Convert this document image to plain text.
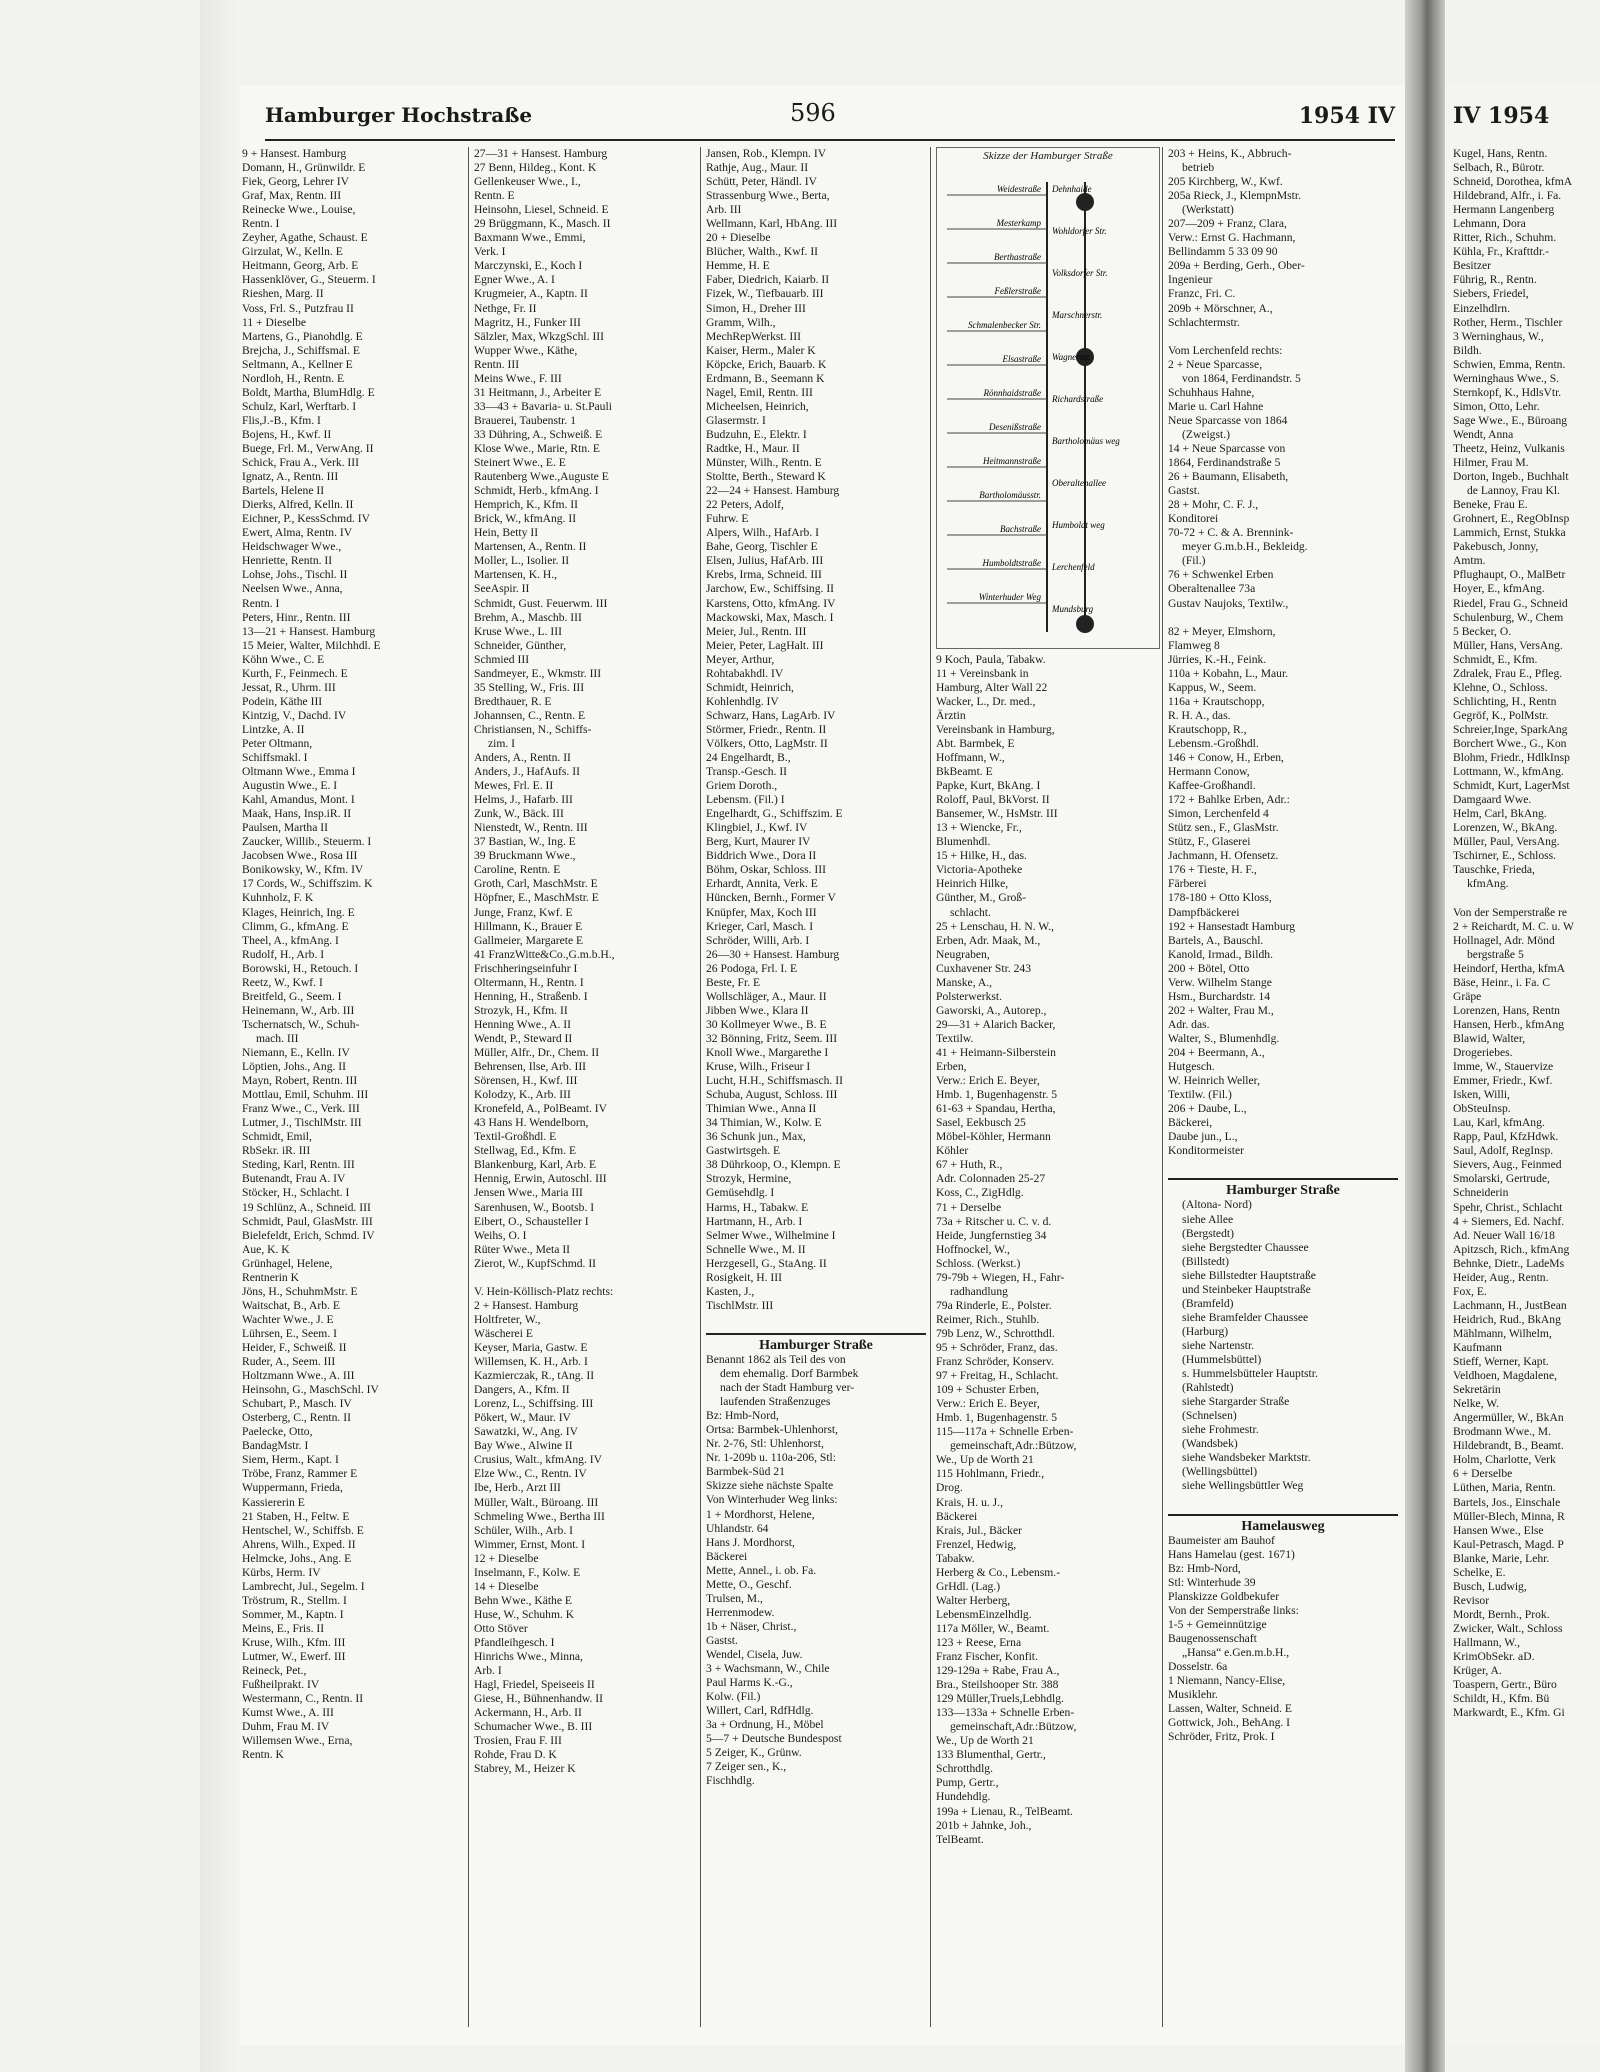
Hamburger Hochstraße	596	1954 IV
9 + Hansest. Hamburg
Domann, H., Grünwildr. E
Fiek, Georg, Lehrer IV
Graf, Max, Rentn. III
Reinecke Wwe., Louise,
Rentn. I
Zeyher, Agathe, Schaust. E
Girzulat, W., Kelln. E
Heitmann, Georg, Arb. E
Hassenklöver, G., Steuerm. I
Rieshen, Marg. II
Voss, Frl. S., Putzfrau II
11 + Dieselbe
Martens, G., Pianohdlg. E
Brejcha, J., Schiffsmal. E
Seltmann, A., Kellner E
Nordloh, H., Rentn. E
Boldt, Martha, BlumHdlg. E
Schulz, Karl, Werftarb. I
Flis,J.-B., Kfm. I
Bojens, H., Kwf. II
Buege, Frl. M., VerwAng. II
Schick, Frau A., Verk. III
Ignatz, A., Rentn. III
Bartels, Helene II
Dierks, Alfred, Kelln. II
Eichner, P., KessSchmd. IV
Ewert, Alma, Rentn. IV
Heidschwager Wwe.,
Henriette, Rentn. II
Lohse, Johs., Tischl. II
Neelsen Wwe., Anna,
Rentn. I
Peters, Hinr., Rentn. III
13—21 + Hansest. Hamburg
15 Meier, Walter, Milchhdl. E
Köhn Wwe., C. E
Kurth, F., Feinmech. E
Jessat, R., Uhrm. III
Podein, Käthe III
Kintzig, V., Dachd. IV
Lintzke, A. II
Peter Oltmann,
Schiffsmakl. I
Oltmann Wwe., Emma I
Augustin Wwe., E. I
Kahl, Amandus, Mont. I
Maak, Hans, Insp.iR. II
Paulsen, Martha II
Zaucker, Willib., Steuerm. I
Jacobsen Wwe., Rosa III
Bonikowsky, W., Kfm. IV
17 Cords, W., Schiffszim. K
Kuhnholz, F. K
Klages, Heinrich, Ing. E
Climm, G., kfmAng. E
Theel, A., kfmAng. I
Rudolf, H., Arb. I
Borowski, H., Retouch. I
Reetz, W., Kwf. I
Breitfeld, G., Seem. I
Heinemann, W., Arb. III
Tschernatsch, W., Schuh-
mach. III
Niemann, E., Kelln. IV
Löptien, Johs., Ang. II
Mayn, Robert, Rentn. III
Mottlau, Emil, Schuhm. III
Franz Wwe., C., Verk. III
Lutmer, J., TischlMstr. III
Schmidt, Emil,
RbSekr. iR. III
Steding, Karl, Rentn. III
Butenandt, Frau A. IV
Stöcker, H., Schlacht. I
19 Schlünz, A., Schneid. III
Schmidt, Paul, GlasMstr. III
Bielefeldt, Erich, Schmd. IV
Aue, K. K
Grünhagel, Helene,
Rentnerin K
Jöns, H., SchuhmMstr. E
Waitschat, B., Arb. E
Wachter Wwe., J. E
Lührsen, E., Seem. I
Heider, F., Schweiß. II
Ruder, A., Seem. III
Holtzmann Wwe., A. III
Heinsohn, G., MaschSchl. IV
Schubart, P., Masch. IV
Osterberg, C., Rentn. II
Paelecke, Otto,
BandagMstr. I
Siem, Herm., Kapt. I
Tröbe, Franz, Rammer E
Wuppermann, Frieda,
Kassiererin E
21 Staben, H., Feltw. E
Hentschel, W., Schiffsb. E
Ahrens, Wilh., Exped. II
Helmcke, Johs., Ang. E
Kürbs, Herm. IV
Lambrecht, Jul., Segelm. I
Tröstrum, R., Stellm. I
Sommer, M., Kaptn. I
Meins, E., Fris. II
Kruse, Wilh., Kfm. III
Lutmer, W., Ewerf. III
Reineck, Pet.,
Fußheilprakt. IV
Westermann, C., Rentn. II
Kumst Wwe., A. III
Duhm, Frau M. IV
Willemsen Wwe., Erna,
Rentn. K
27—31 + Hansest. Hamburg
27 Benn, Hildeg., Kont. K
Gellenkeuser Wwe., I.,
Rentn. E
Heinsohn, Liesel, Schneid. E
29 Brüggmann, K., Masch. II
Baxmann Wwe., Emmi,
Verk. I
Marczynski, E., Koch I
Egner Wwe., A. I
Krugmeier, A., Kaptn. II
Nethge, Fr. II
Magritz, H., Funker III
Sälzler, Max, WkzgSchl. III
Wupper Wwe., Käthe,
Rentn. III
Meins Wwe., F. III
31 Heitmann, J., Arbeiter E
33—43 + Bavaria- u. St.Pauli
Brauerei, Taubenstr. 1
33 Dühring, A., Schweiß. E
Klose Wwe., Marie, Rtn. E
Steinert Wwe., E. E
Rautenberg Wwe.,Auguste E
Schmidt, Herb., kfmAng. I
Hemprich, K., Kfm. II
Brick, W., kfmAng. II
Hein, Betty II
Martensen, A., Rentn. II
Moller, L., Isolier. II
Martensen, K. H.,
SeeAspir. II
Schmidt, Gust. Feuerwm. III
Brehm, A., Maschb. III
Kruse Wwe., L. III
Schneider, Günther,
Schmied III
Sandmeyer, E., Wkmstr. III
35 Stelling, W., Fris. III
Bredthauer, R. E
Johannsen, C., Rentn. E
Christiansen, N., Schiffs-
zim. I
Anders, A., Rentn. II
Anders, J., HafAufs. II
Mewes, Frl. E. II
Helms, J., Hafarb. III
Zunk, W., Bäck. III
Nienstedt, W., Rentn. III
37 Bastian, W., Ing. E
39 Bruckmann Wwe.,
Caroline, Rentn. E
Groth, Carl, MaschMstr. E
Höpfner, E., MaschMstr. E
Junge, Franz, Kwf. E
Hillmann, K., Brauer E
Gallmeier, Margarete E
41 FranzWitte&Co.,G.m.b.H.,
Frischheringseinfuhr I
Oltermann, H., Rentn. I
Henning, H., Straßenb. I
Strozyk, H., Kfm. II
Henning Wwe., A. II
Wendt, P., Steward II
Müller, Alfr., Dr., Chem. II
Behrensen, Ilse, Arb. III
Sörensen, H., Kwf. III
Kolodzy, K., Arb. III
Kronefeld, A., PolBeamt. IV
43 Hans H. Wendelborn,
Textil-Großhdl. E
Stellwag, Ed., Kfm. E
Blankenburg, Karl, Arb. E
Hennig, Erwin, Autoschl. III
Jensen Wwe., Maria III
Sarenhusen, W., Bootsb. I
Eibert, O., Schausteller I
Weihs, O. I
Rüter Wwe., Meta II
Zierot, W., KupfSchmd. II
V. Hein-Köllisch-Platz rechts:
2 + Hansest. Hamburg
Holtfreter, W.,
Wäscherei E
Keyser, Maria, Gastw. E
Willemsen, K. H., Arb. I
Kazmierczak, R., tAng. II
Dangers, A., Kfm. II
Lorenz, L., Schiffsing. III
Pökert, W., Maur. IV
Sawatzki, W., Ang. IV
Bay Wwe., Alwine II
Crusius, Walt., kfmAng. IV
Elze Ww., C., Rentn. IV
Ibe, Herb., Arzt III
Müller, Walt., Büroang. III
Schmeling Wwe., Bertha III
Schüler, Wilh., Arb. I
Wimmer, Ernst, Mont. I
12 + Dieselbe
Inselmann, F., Kolw. E
14 + Dieselbe
Behn Wwe., Käthe E
Huse, W., Schuhm. K
Otto Stöver
Pfandleihgesch. I
Hinrichs Wwe., Minna,
Arb. I
Hagl, Friedel, Speiseeis II
Giese, H., Bühnenhandw. II
Ackermann, H., Arb. II
Schumacher Wwe., B. III
Trosien, Frau F. III
Rohde, Frau D. K
Stabrey, M., Heizer K
Jansen, Rob., Klempn. IV
Rathje, Aug., Maur. II
Schütt, Peter, Händl. IV
Strassenburg Wwe., Berta,
Arb. III
Wellmann, Karl, HbAng. III
20 + Dieselbe
Blücher, Walth., Kwf. II
Hemme, H. E
Faber, Diedrich, Kaiarb. II
Fizek, W., Tiefbauarb. III
Simon, H., Dreher III
Gramm, Wilh.,
MechRepWerkst. III
Kaiser, Herm., Maler K
Köpcke, Erich, Bauarb. K
Erdmann, B., Seemann K
Nagel, Emil, Rentn. III
Micheelsen, Heinrich,
Glasermstr. I
Budzuhn, E., Elektr. I
Radtke, H., Maur. II
Münster, Wilh., Rentn. E
Stoltte, Berth., Steward K
22—24 + Hansest. Hamburg
22 Peters, Adolf,
Fuhrw. E
Alpers, Wilh., HafArb. I
Bahe, Georg, Tischler E
Elsen, Julius, HafArb. III
Krebs, Irma, Schneid. III
Jarchow, Ew., Schiffsing. II
Karstens, Otto, kfmAng. IV
Mackowski, Max, Masch. I
Meier, Jul., Rentn. III
Meier, Peter, LagHalt. III
Meyer, Arthur,
Rohtabakhdl. IV
Schmidt, Heinrich,
Kohlenhdlg. IV
Schwarz, Hans, LagArb. IV
Störmer, Friedr., Rentn. II
Völkers, Otto, LagMstr. II
24 Engelhardt, B.,
Transp.-Gesch. II
Griem Doroth.,
Lebensm. (Fil.) I
Engelhardt, G., Schiffszim. E
Klingbiel, J., Kwf. IV
Berg, Kurt, Maurer IV
Biddrich Wwe., Dora II
Böhm, Oskar, Schloss. III
Erhardt, Annita, Verk. E
Hüncken, Bernh., Former V
Knüpfer, Max, Koch III
Krieger, Carl, Masch. I
Schröder, Willi, Arb. I
26—30 + Hansest. Hamburg
26 Podoga, Frl. I. E
Beste, Fr. E
Wollschläger, A., Maur. II
Jibben Wwe., Klara II
30 Kollmeyer Wwe., B. E
32 Bönning, Fritz, Seem. III
Knoll Wwe., Margarethe I
Kruse, Wilh., Friseur I
Lucht, H.H., Schiffsmasch. II
Schuba, August, Schloss. III
Thimian Wwe., Anna II
34 Thimian, W., Kolw. E
36 Schunk jun., Max,
Gastwirtsgeh. E
38 Dührkoop, O., Klempn. E
Strozyk, Hermine,
Gemüsehdlg. I
Harms, H., Tabakw. E
Hartmann, H., Arb. I
Selmer Wwe., Wilhelmine I
Schnelle Wwe., M. II
Herzgesell, G., StaAng. II
Rosigkeit, H. III
Kasten, J.,
TischlMstr. III
Hamburger Straße
Benannt 1862 als Teil des von
dem ehemalig. Dorf Barmbek
nach der Stadt Hamburg ver-
laufenden Straßenzuges
Bz: Hmb-Nord,
Ortsa: Barmbek-Uhlenhorst,
Nr. 2-76, Stl: Uhlenhorst,
Nr. 1-209b u. 110a-206, Stl:
Barmbek-Süd 21
Skizze siehe nächste Spalte
Von Winterhuder Weg links:
1 + Mordhorst, Helene,
Uhlandstr. 64
Hans J. Mordhorst,
Bäckerei
Mette, Annel., i. ob. Fa.
Mette, O., Geschf.
Trulsen, M.,
Herrenmodew.
1b + Näser, Christ.,
Gastst.
Wendel, Cisela, Juw.
3 + Wachsmann, W., Chile
Paul Harms K.-G.,
Kolw. (Fil.)
Willert, Carl, RdfHdlg.
3a + Ordnung, H., Möbel
5—7 + Deutsche Bundespost
5 Zeiger, K., Grünw.
7 Zeiger sen., K.,
Fischhdlg.
9 Koch, Paula, Tabakw.
11 + Vereinsbank in
Hamburg, Alter Wall 22
Wacker, L., Dr. med.,
Ärztin
Vereinsbank in Hamburg,
Abt. Barmbek, E
Hoffmann, W.,
BkBeamt. E
Papke, Kurt, BkAng. I
Roloff, Paul, BkVorst. II
Bansemer, W., HsMstr. III
13 + Wiencke, Fr.,
Blumenhdl.
15 + Hilke, H., das.
Victoria-Apotheke
Heinrich Hilke,
Günther, M., Groß-
schlacht.
25 + Lenschau, H. N. W.,
Erben, Adr. Maak, M.,
Neugraben,
Cuxhavener Str. 243
Manske, A.,
Polsterwerkst.
Gaworski, A., Autorep.,
29—31 + Alarich Backer,
Textilw.
41 + Heimann-Silberstein
Erben,
Verw.: Erich E. Beyer,
Hmb. 1, Bugenhagenstr. 5
61-63 + Spandau, Hertha,
Sasel, Eekbusch 25
Möbel-Köhler, Hermann
Köhler
67 + Huth, R.,
Adr. Colonnaden 25-27
Koss, C., ZigHdlg.
71 + Derselbe
73a + Ritscher u. C. v. d.
Heide, Jungfernstieg 34
Hoffnockel, W.,
Schloss. (Werkst.)
79-79b + Wiegen, H., Fahr-
radhandlung
79a Rinderle, E., Polster.
Reimer, Rich., Stuhlb.
79b Lenz, W., Schrotthdl.
95 + Schröder, Franz, das.
Franz Schröder, Konserv.
97 + Freitag, H., Schlacht.
109 + Schuster Erben,
Verw.: Erich E. Beyer,
Hmb. 1, Bugenhagenstr. 5
115—117a + Schnelle Erben-
gemeinschaft,Adr.:Bützow,
We., Up de Worth 21
115 Hohlmann, Friedr.,
Drog.
Krais, H. u. J.,
Bäckerei
Krais, Jul., Bäcker
Frenzel, Hedwig,
Tabakw.
Herberg & Co., Lebensm.-
GrHdl. (Lag.)
Walter Herberg,
LebensmEinzelhdlg.
117a Möller, W., Beamt.
123 + Reese, Erna
Franz Fischer, Konfit.
129-129a + Rabe, Frau A.,
Bra., Steilshooper Str. 388
129 Müller,Truels,Lebhdlg.
133—133a + Schnelle Erben-
gemeinschaft,Adr.:Bützow,
We., Up de Worth 21
133 Blumenthal, Gertr.,
Schrotthdlg.
Pump, Gertr.,
Hundehdlg.
199a + Lienau, R., TelBeamt.
201b + Jahnke, Joh.,
TelBeamt.
203 + Heins, K., Abbruch-
betrieb
205 Kirchberg, W., Kwf.
205a Rieck, J., KlempnMstr.
(Werkstatt)
207—209 + Franz, Clara,
Verw.: Ernst G. Hachmann,
Bellindamm 5 33 09 90
209a + Berding, Gerh., Ober-
Ingenieur
Franzc, Fri. C.
209b + Mörschner, A.,
Schlachtermstr.
Vom Lerchenfeld rechts:
2 + Neue Sparcasse,
von 1864, Ferdinandstr. 5
Schuhhaus Hahne,
Marie u. Carl Hahne
Neue Sparcasse von 1864
(Zweigst.)
14 + Neue Sparcasse von
1864, Ferdinandstraße 5
26 + Baumann, Elisabeth,
Gastst.
28 + Mohr, C. F. J.,
Konditorei
70-72 + C. & A. Brennink-
meyer G.m.b.H., Bekleidg.
(Fil.)
76 + Schwenkel Erben
Oberaltenallee 73a
Gustav Naujoks, Textilw.,
82 + Meyer, Elmshorn,
Flamweg 8
Jürries, K.-H., Feink.
110a + Kobahn, L., Maur.
Kappus, W., Seem.
116a + Krautschopp,
R. H. A., das.
Krautschopp, R.,
Lebensm.-Großhdl.
146 + Conow, H., Erben,
Hermann Conow,
Kaffee-Großhandl.
172 + Bahlke Erben, Adr.:
Simon, Lerchenfeld 4
Stütz sen., F., GlasMstr.
Stütz, F., Glaserei
Jachmann, H. Ofensetz.
176 + Tieste, H. F.,
Färberei
178-180 + Otto Kloss,
Dampfbäckerei
192 + Hansestadt Hamburg
Bartels, A., Bauschl.
Kanold, Irmad., Bildh.
200 + Bötel, Otto
Verw. Wilhelm Stange
Hsm., Burchardstr. 14
202 + Walter, Frau M.,
Adr. das.
Walter, S., Blumenhdlg.
204 + Beermann, A.,
Hutgesch.
W. Heinrich Weller,
Textilw. (Fil.)
206 + Daube, L.,
Bäckerei,
Daube jun., L.,
Konditormeister
Hamburger Straße
(Altona- Nord)
siehe Allee
(Bergstedt)
siehe Bergstedter Chaussee
(Billstedt)
siehe Billstedter Hauptstraße
und Steinbeker Hauptstraße
(Bramfeld)
siehe Bramfelder Chaussee
(Harburg)
siehe Nartenstr.
(Hummelsbüttel)
s. Hummelsbütteler Hauptstr.
(Rahlstedt)
siehe Stargarder Straße
(Schnelsen)
siehe Frohmestr.
(Wandsbek)
siehe Wandsbeker Marktstr.
(Wellingsbüttel)
siehe Wellingsbüttler Weg
Hamelausweg
Baumeister am Bauhof
Hans Hamelau (gest. 1671)
Bz: Hmb-Nord,
Stl: Winterhude 39
Planskizze Goldbekufer
Von der Semperstraße links:
1-5 + Gemeinnützige
Baugenossenschaft
„Hansa“ e.Gen.m.b.H.,
Dosselstr. 6a
1 Niemann, Nancy-Elise,
Musiklehr.
Lassen, Walter, Schneid. E
Gottwick, Joh., BehAng. I
Schröder, Fritz, Prok. I
Skizze der Hamburger Straße
Weidestraße
Mesterkamp
Berthastraße
Feßlerstraße
Schmalenbecker Str.
Elsastraße
Rönnhaidstraße
Desenißstraße
Heitmannstraße
Bartholomäusstr.
Bachstraße
Humboldtstraße
Winterhuder Weg
Dehnhaide
Wohldorfer Str.
Volksdorfer Str.
Marschnerstr.
Wagnerstr.
Richardstraße
Bartholomäus weg
Oberaltenallee
Humboldt weg
Lerchenfeld
Mundsburg
IV 1954
Kugel, Hans, Rentn.
Selbach, R., Bürotr.
Schneid, Dorothea, kfmA
Hildebrand, Alfr., i. Fa.
Hermann Langenberg
Lehmann, Dora
Ritter, Rich., Schuhm.
Kühla, Fr., Krafttdr.-
Besitzer
Führig, R., Rentn.
Siebers, Friedel,
Einzelhdlrn.
Rother, Herm., Tischler
3 Werninghaus, W.,
Bildh.
Schwien, Emma, Rentn.
Werninghaus Wwe., S.
Sternkopf, K., HdlsVtr.
Simon, Otto, Lehr.
Sage Wwe., E., Büroang
Wendt, Anna
Theetz, Heinz, Vulkanis
Hilmer, Frau M.
Dorton, Ingeb., Buchhalt
de Lannoy, Frau Kl.
Beneke, Frau E.
Grohnert, E., RegObInsp
Lammich, Ernst, Stukka
Pakebusch, Jonny,
Amtm.
Pflughaupt, O., MalBetr
Hoyer, E., kfmAng.
Riedel, Frau G., Schneid
Schulenburg, W., Chem
5 Becker, O.
Müller, Hans, VersAng.
Schmidt, E., Kfm.
Zdralek, Frau E., Pfleg.
Klehne, O., Schloss.
Schlichting, H., Rentn
Gegröf, K., PolMstr.
Schreier,Inge, SparkAng
Borchert Wwe., G., Kon
Blohm, Friedr., HdlkInsp
Lottmann, W., kfmAng.
Schmidt, Kurt, LagerMst
Damgaard Wwe.
Helm, Carl, BkAng.
Lorenzen, W., BkAng.
Müller, Paul, VersAng.
Tschirner, E., Schloss.
Tauschke, Frieda,
kfmAng.
Von der Semperstraße re
2 + Reichardt, M. C. u. W
Hollnagel, Adr. Mönd
bergstraße 5
Heindorf, Hertha, kfmA
Bäse, Heinr., i. Fa. C
Gräpe
Lorenzen, Hans, Rentn
Hansen, Herb., kfmAng
Blawid, Walter,
Drogeriebes.
Imme, W., Stauervize
Emmer, Friedr., Kwf.
Isken, Willi,
ObSteuInsp.
Lau, Karl, kfmAng.
Rapp, Paul, KfzHdwk.
Saul, Adolf, RegInsp.
Sievers, Aug., Feinmed
Smolarski, Gertrude,
Schneiderin
Spehr, Christ., Schlacht
4 + Siemers, Ed. Nachf.
Ad. Neuer Wall 16/18
Apitzsch, Rich., kfmAng
Behnke, Dietr., LadeMs
Heider, Aug., Rentn.
Fox, E.
Lachmann, H., JustBean
Heidrich, Rud., BkAng
Mählmann, Wilhelm,
Kaufmann
Stieff, Werner, Kapt.
Veldhoen, Magdalene,
Sekretärin
Nelke, W.
Angermüller, W., BkAn
Brodmann Wwe., M.
Hildebrandt, B., Beamt.
Holm, Charlotte, Verk
6 + Derselbe
Lüthen, Maria, Rentn.
Bartels, Jos., Einschale
Müller-Blech, Minna, R
Hansen Wwe., Else
Kaul-Petrasch, Magd. P
Blanke, Marie, Lehr.
Schelke, E.
Busch, Ludwig,
Revisor
Mordt, Bernh., Prok.
Zwicker, Walt., Schloss
Hallmann, W.,
KrimObSekr. aD.
Krüger, A.
Toaspern, Gertr., Büro
Schildt, H., Kfm. Bü
Markwardt, E., Kfm. Gi
